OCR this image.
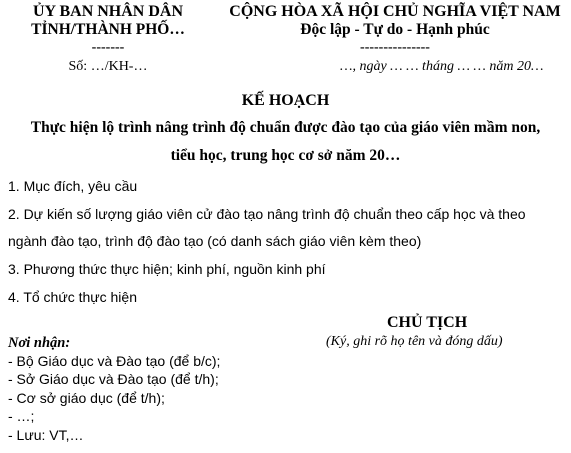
ỦY BAN NHÂN DÂN
TỈNH/THÀNH PHỐ…
-------
Số: …/KH-…
CỘNG HÒA XÃ HỘI CHỦ NGHĨA VIỆT NAM
Độc lập - Tự do - Hạnh phúc
---------------
…, ngày … … tháng … … năm 20…
KẾ HOẠCH
Thực hiện lộ trình nâng trình độ chuẩn được đào tạo của giáo viên mầm non,
tiểu học, trung học cơ sở năm 20…
1. Mục đích, yêu cầu
2. Dự kiến số lượng giáo viên cử đào tạo nâng trình độ chuẩn theo cấp học và theo
ngành đào tạo, trình độ đào tạo (có danh sách giáo viên kèm theo)
3. Phương thức thực hiện; kinh phí, nguồn kinh phí
4. Tổ chức thực hiện
CHỦ TỊCH
(Ký, ghi rõ họ tên và đóng dấu)
Nơi nhận:
- Bộ Giáo dục và Đào tạo (để b/c);
- Sở Giáo dục và Đào tạo (để t/h);
- Cơ sở giáo dục (để t/h);
- …;
- Lưu: VT,…
